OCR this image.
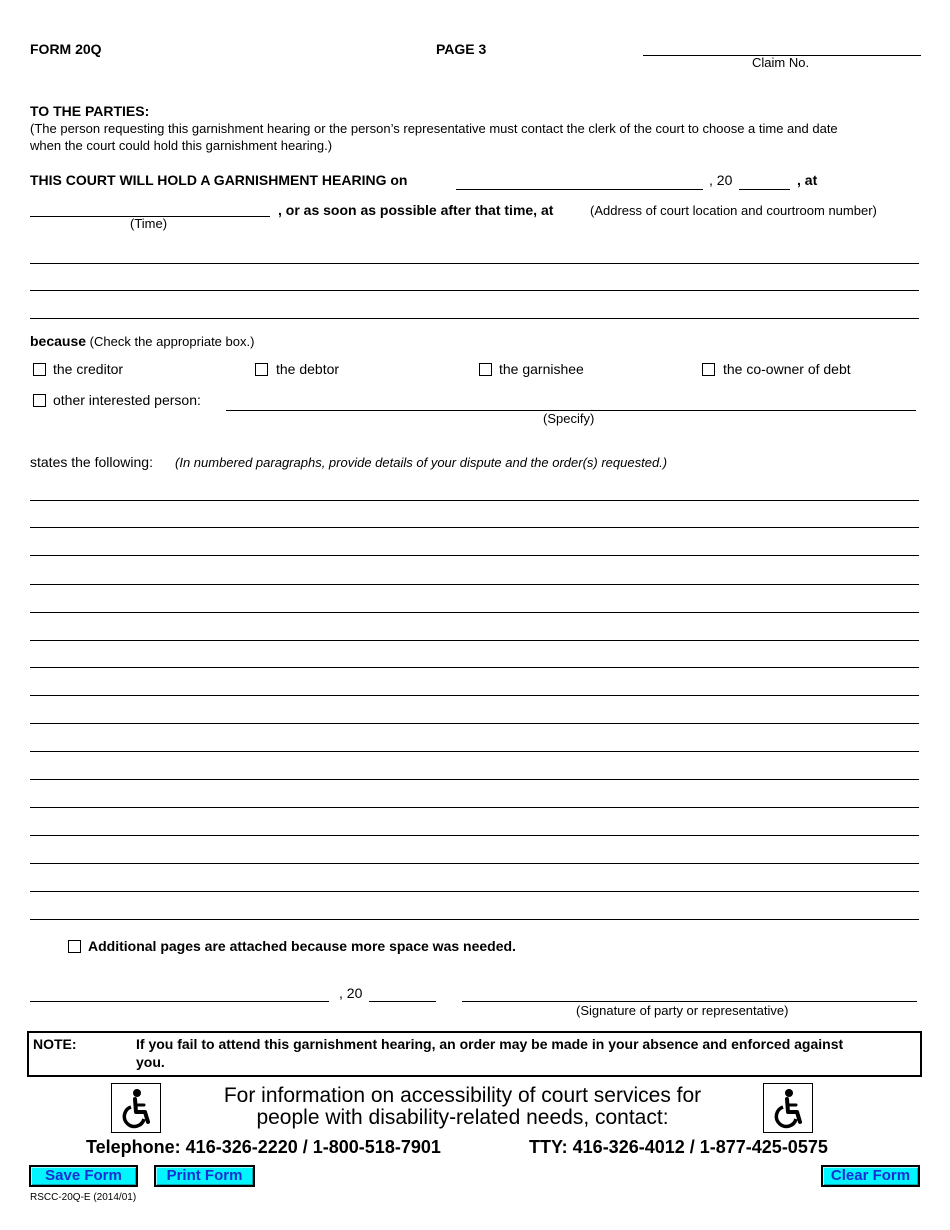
FORM 20Q	PAGE 3
Claim No.
TO THE PARTIES:
(The person requesting this garnishment hearing or the person’s representative must contact the clerk of the court to choose a time and date
when the court could hold this garnishment hearing.)
THIS COURT WILL HOLD A GARNISHMENT HEARING on	, 20	, at
(Time)
, or as soon as possible after that time, at	(Address of court location and courtroom number)
because (Check the appropriate box.)
the creditor	the debtor	the garnishee	the co-owner of debt
other interested person:
(Specify)
states the following: (In numbered paragraphs, provide details of your dispute and the order(s) requested.)
Additional pages are attached because more space was needed.
, 20
(Signature of party or representative)
NOTE:	If you fail to attend this garnishment hearing, an order may be made in your absence and enforced against
you.
For information on accessibility of court services for
people with disability-related needs, contact:
Telephone: 416-326-2220 / 1-800-518-7901	TTY: 416-326-4012 / 1-877-425-0575
Save Form	Print Form	Clear Form
RSCC-20Q-E (2014/01)
